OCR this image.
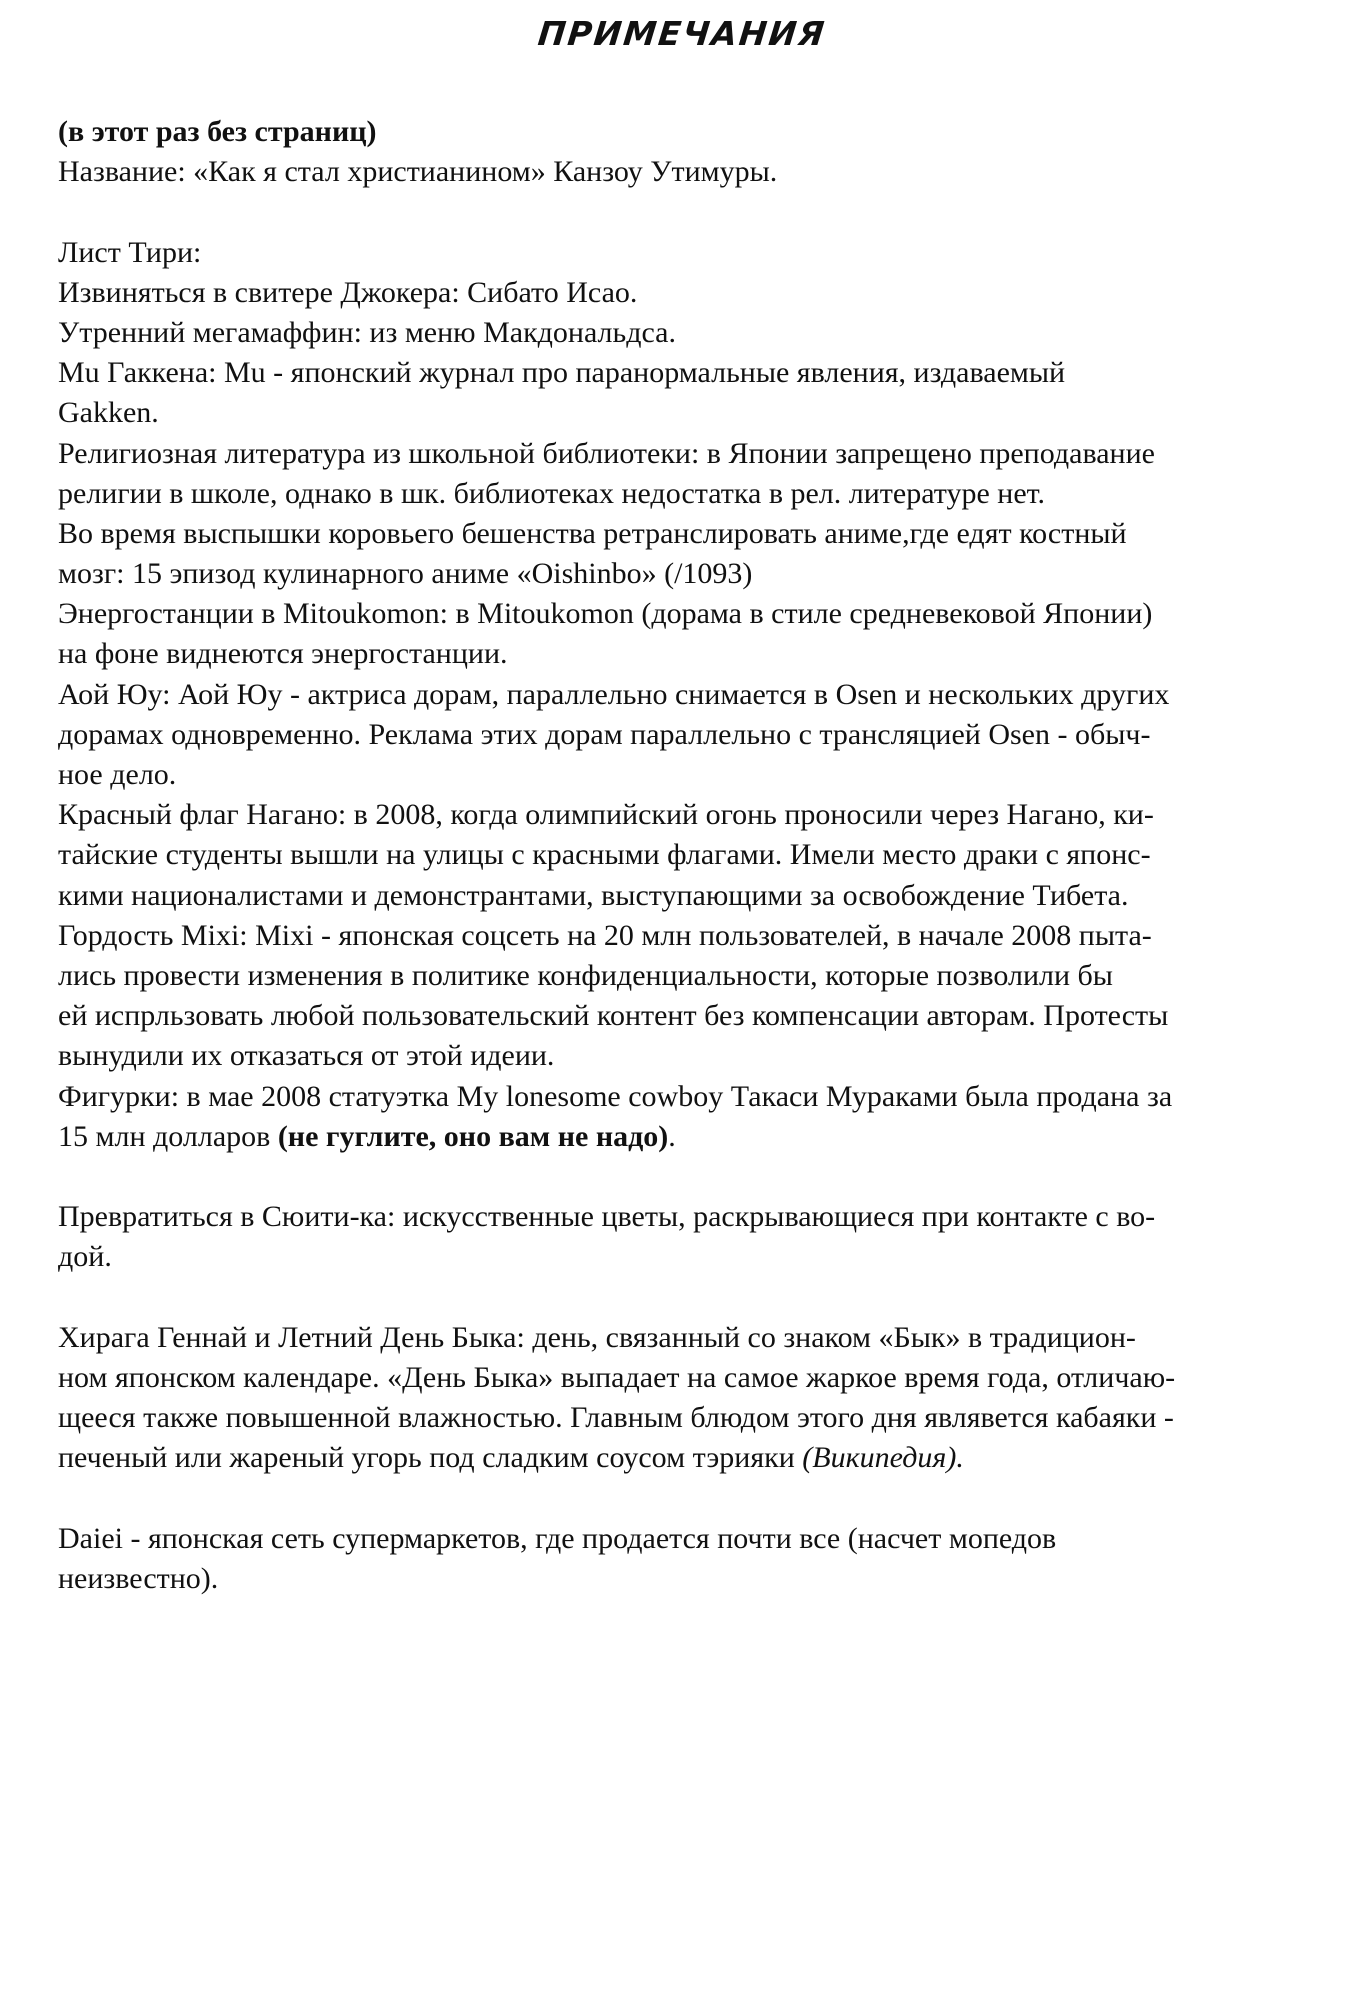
ПРИМЕЧАНИЯ
(в этот раз без страниц)
Название: «Как я стал христианином» Канзоу Утимуры.
Лист Тири:
Извиняться в свитере Джокера: Сибато Исао.
Утренний мегамаффин: из меню Макдональдса.
Mu Гаккена: Mu - японский журнал про паранормальные явления, издаваемый
Gakken.
Религиозная литература из школьной библиотеки: в Японии запрещено преподавание
религии в школе, однако в шк. библиотеках недостатка в рел. литературе нет.
Во время выспышки коровьего бешенства ретранслировать аниме,где едят костный
мозг: 15 эпизод кулинарного аниме «Oishinbo» (/1093)
Энергостанции в Mitoukomon: в Mitoukomon (дорама в стиле средневековой Японии)
на фоне виднеются энергостанции.
Аой Юу: Аой Юу - актриса дорам, параллельно снимается в Osen и нескольких других
дорамах одновременно. Реклама этих дорам параллельно с трансляцией Osen - обыч-
ное дело.
Красный флаг Нагано: в 2008, когда олимпийский огонь проносили через Нагано, ки-
тайские студенты вышли на улицы с красными флагами. Имели место драки с японс-
кими националистами и демонстрантами, выступающими за освобождение Тибета.
Гордость Mixi: Mixi - японская соцсеть на 20 млн пользователей, в начале 2008 пыта-
лись провести изменения в политике конфиденциальности, которые позволили бы
ей испрльзовать любой пользовательский контент без компенсации авторам. Протесты
вынудили их отказаться от этой идеии.
Фигурки: в мае 2008 статуэтка My lonesome cowboy Такаси Мураками была продана за
15 млн долларов (не гуглите, оно вам не надо).
Превратиться в Сюити-ка: искусственные цветы, раскрывающиеся при контакте с во-
дой.
Хирага Геннай и Летний День Быка: день, связанный со знаком «Бык» в традицион-
ном японском календаре. «День Быка» выпадает на самое жаркое время года, отличаю-
щееся также повышенной влажностью. Главным блюдом этого дня являвется кабаяки -
печеный или жареный угорь под сладким соусом тэрияки (Википедия).
Daiei - японская сеть супермаркетов, где продается почти все (насчет мопедов
неизвестно).
